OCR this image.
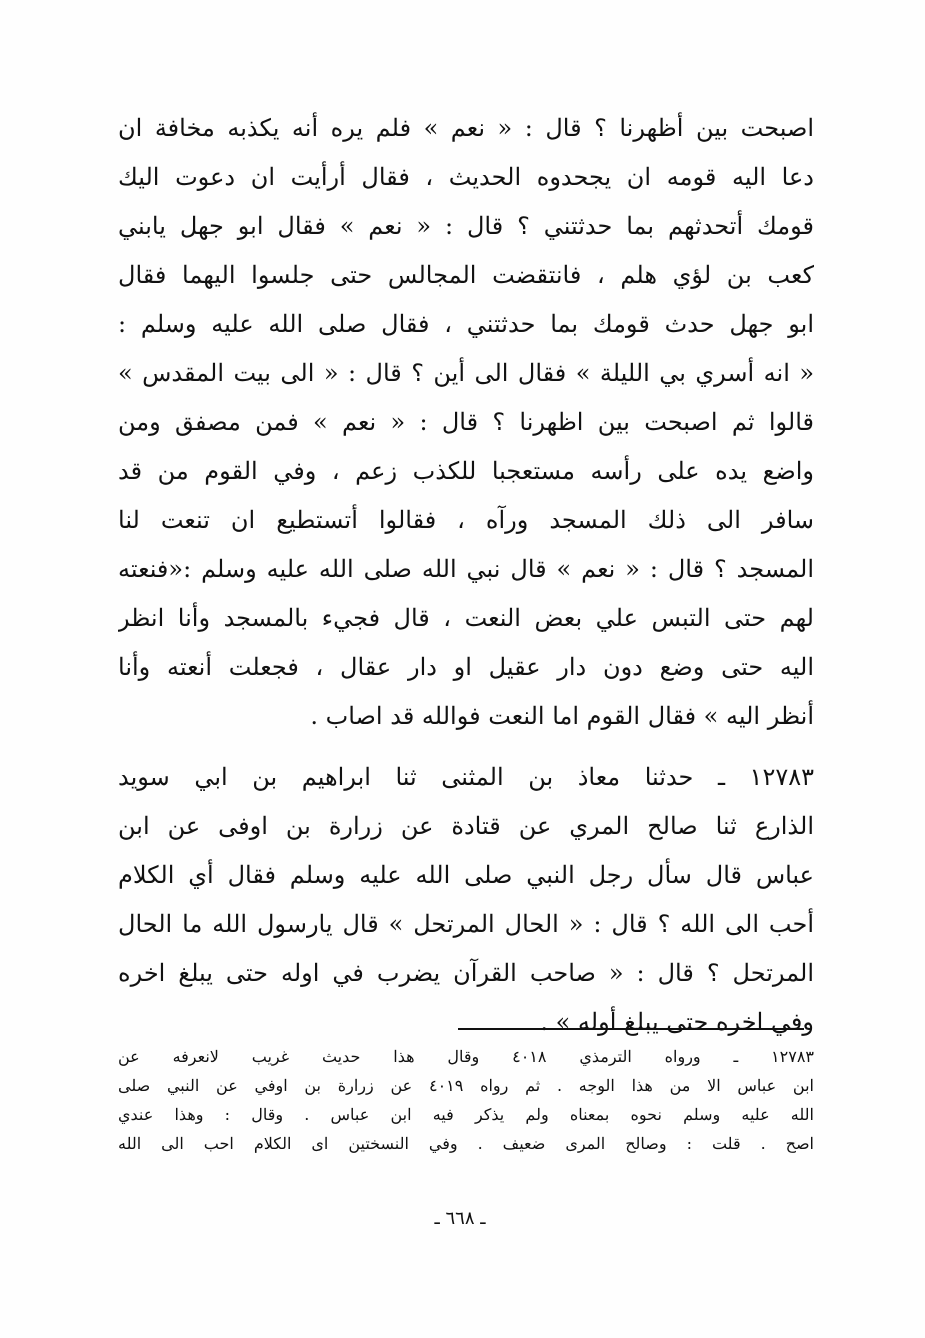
اصبحت بين أظهرنا ؟ قال : « نعم » فلم يره أنه يكذبه مخافة ان
دعا اليه قومه ان يجحدوه الحديث ، فقال أرأيت ان دعوت اليك
قومك أتحدثهم بما حدثتني ؟ قال : « نعم » فقال ابو جهل يابني
كعب بن لؤي هلم ، فانتقضت المجالس حتى جلسوا اليهما فقال
ابو جهل حدث قومك بما حدثتني ، فقال صلى الله عليه وسلم :
« انه أسري بي الليلة » فقال الى أين ؟ قال : « الى بيت المقدس »
قالوا ثم اصبحت بين اظهرنا ؟ قال : « نعم » فمن مصفق ومن
واضع يده على رأسه مستعجبا للكذب زعم ، وفي القوم من قد
سافر الى ذلك المسجد ورآه ، فقالوا أتستطيع ان تنعت لنا
المسجد ؟ قال : « نعم » قال نبي الله صلى الله عليه وسلم :«فنعته
لهم حتى التبس علي بعض النعت ، قال فجيء بالمسجد وأنا انظر
اليه حتى وضع دون دار عقيل او دار عقال ، فجعلت أنعته وأنا
أنظر اليه » فقال القوم اما النعت فوالله قد اصاب .
١٢٧٨٣ ـ حدثنا معاذ بن المثنى ثنا ابراهيم بن ابي سويد
الذارع ثنا صالح المري عن قتادة عن زرارة بن اوفى عن ابن
عباس قال سأل رجل النبي صلى الله عليه وسلم فقال أي الكلام
أحب الى الله ؟ قال : « الحال المرتحل » قال يارسول الله ما الحال
المرتحل ؟ قال : « صاحب القرآن يضرب في اوله حتى يبلغ اخره
وفي اخره حتى يبلغ أوله » .
١٢٧٨٣ ـ ورواه الترمذي ٤٠١٨ وقال هذا حديث غريب لانعرفه عن
ابن عباس الا من هذا الوجه . ثم رواه ٤٠١٩ عن زرارة بن اوفي عن النبي صلى
الله عليه وسلم نحوه بمعناه ولم يذكر فيه ابن عباس . وقال : وهذا عندي
اصح . قلت : وصالح المرى ضعيف . وفي النسختين اى الكلام احب الى الله
ـ ٦٦٨ ـ
